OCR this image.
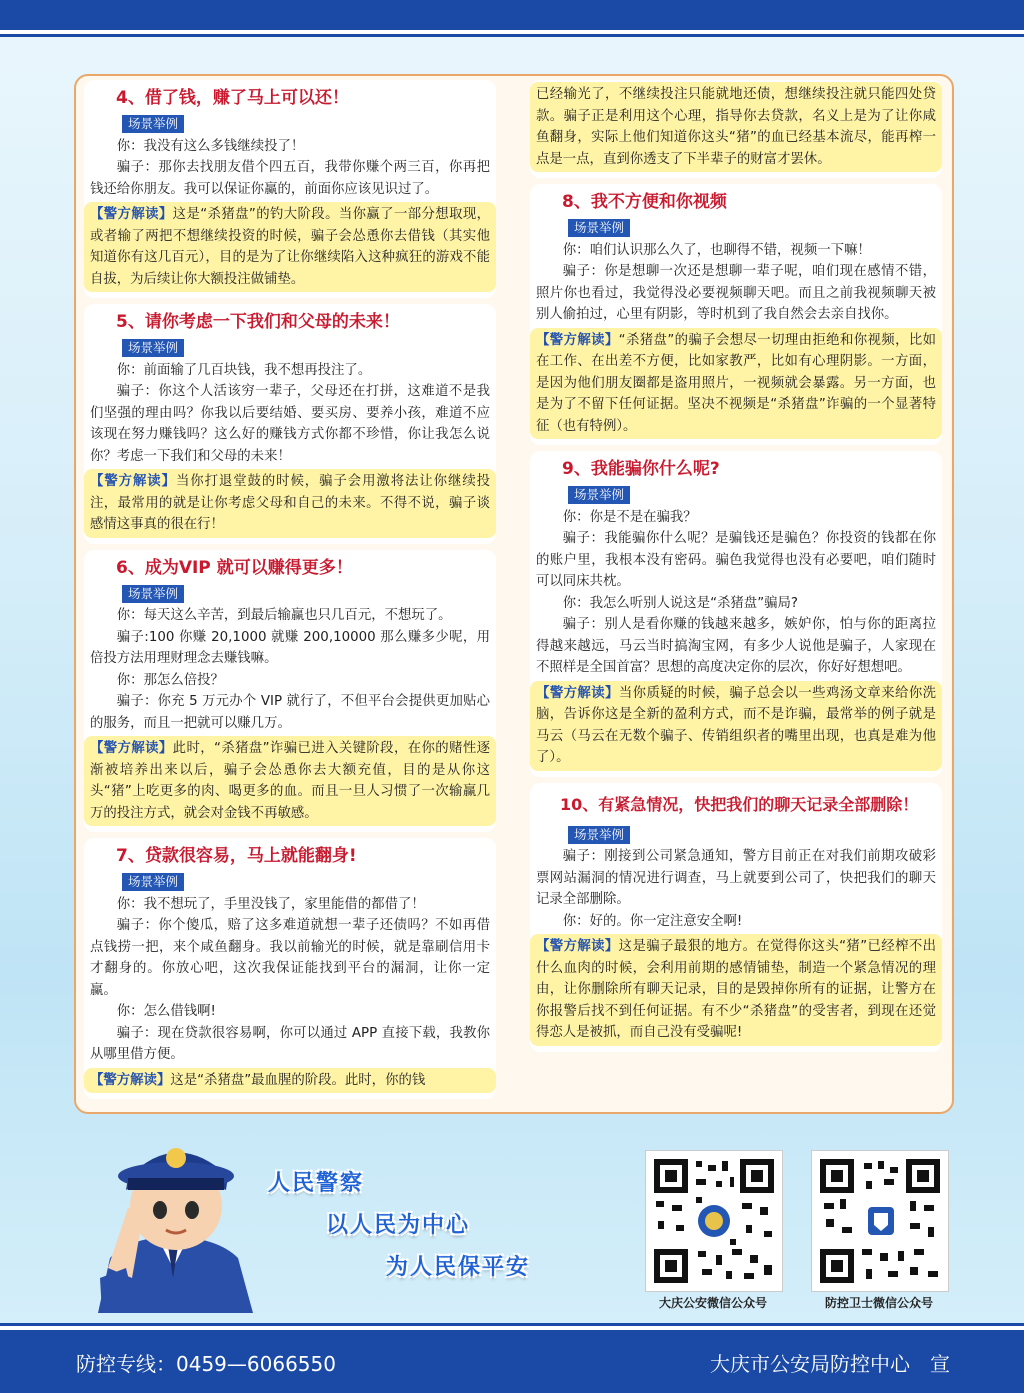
4、借了钱，赚了马上可以还！

场景举例

你：我没有这么多钱继续投了！

骗子：那你去找朋友借个四五百，我带你赚个两三百，你再把钱还给你朋友。我可以保证你赢的，前面你应该见识过了。

【 警方解读 】 这是“杀猪盘”的钓大阶段。当你赢了一部分想取现，或者输了两把不想继续投资的时候，骗子会怂恿你去借钱（其实他知道你有这几百元），目的是为了让你继续陷入这种疯狂的游戏不能自拔，为后续让你大额投注做铺垫。

5、请你考虑一下我们和父母的未来！

场景举例

你：前面输了几百块钱，我不想再投注了。

骗子：你这个人活该穷一辈子，父母还在打拼，这难道不是我们坚强的理由吗？你我以后要结婚、要买房、要养小孩，难道不应该现在努力赚钱吗？这么好的赚钱方式你都不珍惜，你让我怎么说你？考虑一下我们和父母的未来！

【 警方解读 】 当你打退堂鼓的时候，骗子会用激将法让你继续投注，最常用的就是让你考虑父母和自己的未来。不得不说，骗子谈感情这事真的很在行！

6、成为VIP 就可以赚得更多！

场景举例

你：每天这么辛苦，到最后输赢也只几百元，不想玩了。

骗子:100 你赚 20,1000 就赚 200,10000 那么赚多少呢，用倍投方法用理财理念去赚钱嘛。

你：那怎么倍投？

骗子：你充 5 万元办个 VIP 就行了，不但平台会提供更加贴心的服务，而且一把就可以赚几万。

【 警方解读 】 此时，“杀猪盘”诈骗已进入关键阶段，在你的赌性逐渐被培养出来以后，骗子会怂恿你去大额充值，目的是从你这头“猪”上吃更多的肉、喝更多的血。而且一旦人习惯了一次输赢几万的投注方式，就会对金钱不再敏感。

7、贷款很容易，马上就能翻身!

场景举例

你：我不想玩了，手里没钱了，家里能借的都借了！

骗子：你个傻瓜，赔了这多难道就想一辈子还债吗？不如再借点钱捞一把，来个咸鱼翻身。我以前输光的时候，就是靠刷信用卡才翻身的。你放心吧，这次我保证能找到平台的漏洞，让你一定赢。

你：怎么借钱啊!

骗子：现在贷款很容易啊，你可以通过 APP 直接下载，我教你从哪里借方便。

【 警方解读 】 这是“杀猪盘”最血腥的阶段。此时，你的钱

已经输光了，不继续投注只能就地还债，想继续投注就只能四处贷款。骗子正是利用这个心理，指导你去贷款，名义上是为了让你咸鱼翻身，实际上他们知道你这头“猪”的血已经基本流尽，能再榨一点是一点，直到你透支了下半辈子的财富才罢休。

8、我不方便和你视频

场景举例

你：咱们认识那么久了，也聊得不错，视频一下嘛！

骗子：你是想聊一次还是想聊一辈子呢，咱们现在感情不错，照片你也看过，我觉得没必要视频聊天吧。而且之前我视频聊天被别人偷拍过，心里有阴影，等时机到了我自然会去亲自找你。

【 警方解读 】 “杀猪盘”的骗子会想尽一切理由拒绝和你视频，比如在工作、在出差不方便，比如家教严，比如有心理阴影。一方面，是因为他们朋友圈都是盗用照片，一视频就会暴露。另一方面，也是为了不留下任何证据。坚决不视频是“杀猪盘”诈骗的一个显著特征（也有特例）。

9、我能骗你什么呢?

场景举例

你：你是不是在骗我？

骗子：我能骗你什么呢？是骗钱还是骗色？你投资的钱都在你的账户里，我根本没有密码。骗色我觉得也没有必要吧，咱们随时可以同床共枕。

你：我怎么听别人说这是“杀猪盘”骗局?

骗子：别人是看你赚的钱越来越多，嫉妒你，怕与你的距离拉得越来越远，马云当时搞淘宝网，有多少人说他是骗子，人家现在不照样是全国首富？思想的高度决定你的层次，你好好想想吧。

【 警方解读 】 当你质疑的时候，骗子总会以一些鸡汤文章来给你洗脑，告诉你这是全新的盈利方式，而不是诈骗，最常举的例子就是马云（马云在无数个骗子、传销组织者的嘴里出现，也真是难为他了）。

10、有紧急情况，快把我们的聊天记录全部删除！

场景举例

骗子：刚接到公司紧急通知，警方目前正在对我们前期攻破彩票网站漏洞的情况进行调查，马上就要到公司了，快把我们的聊天记录全部删除。

你：好的。你一定注意安全啊!

【 警方解读 】 这是骗子最狠的地方。在觉得你这头“猪”已经榨不出什么血肉的时候，会利用前期的感情铺垫，制造一个紧急情况的理由，让你删除所有聊天记录，目的是毁掉你所有的证据，让警方在你报警后找不到任何证据。有不少“杀猪盘”的受害者，到现在还觉得恋人是被抓，而自己没有受骗呢!
人民警察
以人民为中心
为人民保平安
大庆公安微信公众号	防控卫士微信公众号
防控专线：0459—6066550	大庆市公安局防控中心　宣
